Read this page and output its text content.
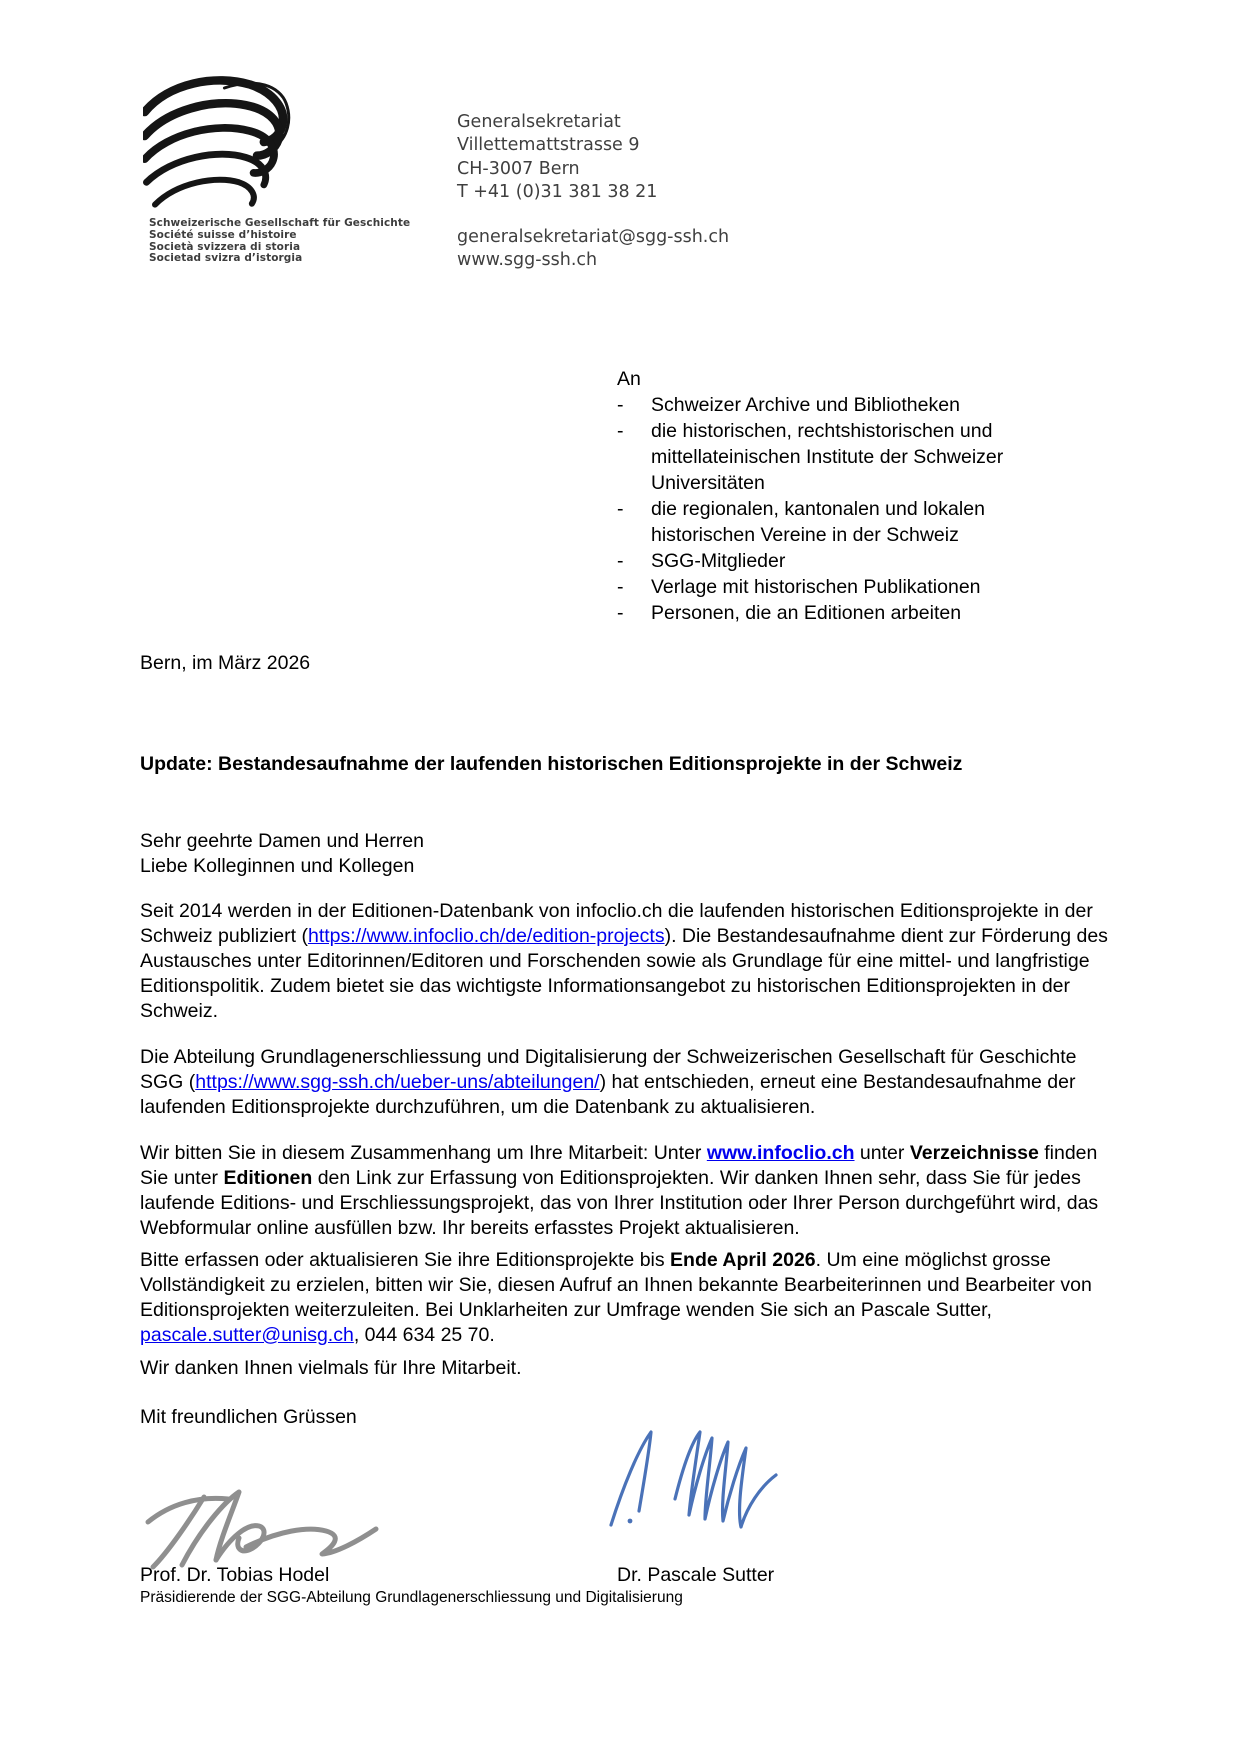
Schweizerische Gesellschaft für Geschichte
Société suisse d’histoire
Società svizzera di storia
Societad svizra d’istorgia
Generalsekretariat
Villettemattstrasse 9
CH-3007 Bern
T +41 (0)31 381 38 21
generalsekretariat@sgg-ssh.ch
www.sgg-ssh.ch
An
- Schweizer Archive und Bibliotheken
- die historischen, rechtshistorischen und mittellateinischen Institute der Schweizer Universitäten
- die regionalen, kantonalen und lokalen historischen Vereine in der Schweiz
- SGG-Mitglieder
- Verlage mit historischen Publikationen
- Personen, die an Editionen arbeiten
Bern, im März 2026
Update: Bestandesaufnahme der laufenden historischen Editionsprojekte in der Schweiz
Sehr geehrte Damen und Herren
Liebe Kolleginnen und Kollegen
Seit 2014 werden in der Editionen-Datenbank von infoclio.ch die laufenden historischen Editionsprojekte in der Schweiz publiziert (https://www.infoclio.ch/de/edition-projects). Die Bestandesaufnahme dient zur Förderung des Austausches unter Editorinnen/Editoren und Forschenden sowie als Grundlage für eine mittel- und langfristige Editionspolitik. Zudem bietet sie das wichtigste Informationsangebot zu historischen Editionsprojekten in der Schweiz.
Die Abteilung Grundlagenerschliessung und Digitalisierung der Schweizerischen Gesellschaft für Geschichte SGG (https://www.sgg-ssh.ch/ueber-uns/abteilungen/) hat entschieden, erneut eine Bestandesaufnahme der laufenden Editionsprojekte durchzuführen, um die Datenbank zu aktualisieren.
Wir bitten Sie in diesem Zusammenhang um Ihre Mitarbeit: Unter www.infoclio.ch unter Verzeichnisse finden Sie unter Editionen den Link zur Erfassung von Editionsprojekten. Wir danken Ihnen sehr, dass Sie für jedes laufende Editions- und Erschliessungsprojekt, das von Ihrer Institution oder Ihrer Person durchgeführt wird, das Webformular online ausfüllen bzw. Ihr bereits erfasstes Projekt aktualisieren.
Bitte erfassen oder aktualisieren Sie ihre Editionsprojekte bis Ende April 2026. Um eine möglichst grosse Vollständigkeit zu erzielen, bitten wir Sie, diesen Aufruf an Ihnen bekannte Bearbeiterinnen und Bearbeiter von Editionsprojekten weiterzuleiten. Bei Unklarheiten zur Umfrage wenden Sie sich an Pascale Sutter, pascale.sutter@unisg.ch, 044 634 25 70.
Wir danken Ihnen vielmals für Ihre Mitarbeit.
Mit freundlichen Grüssen
Prof. Dr. Tobias Hodel	Dr. Pascale Sutter
Präsidierende der SGG-Abteilung Grundlagenerschliessung und Digitalisierung
